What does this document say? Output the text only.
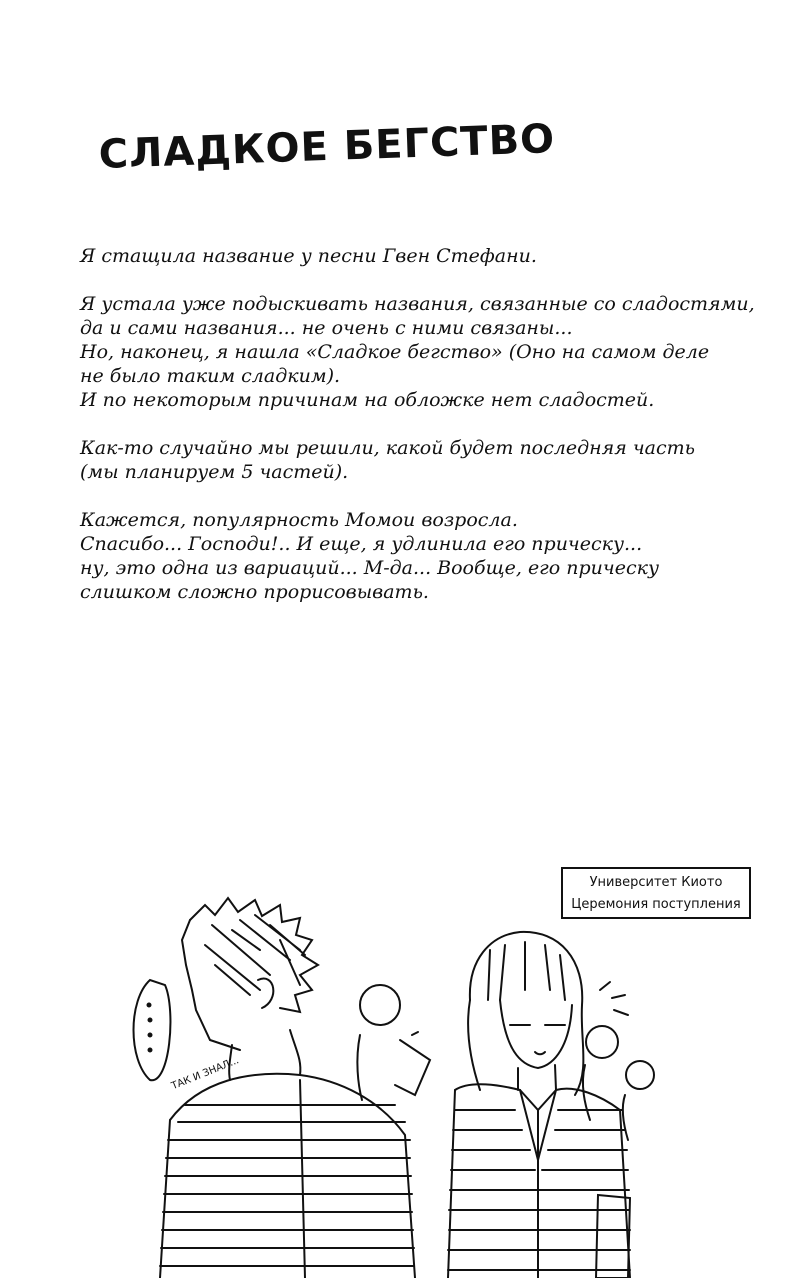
СЛАДКОЕ БЕГСТВО

Я стащила название у песни Гвен Стефани.

Я устала уже подыскивать названия, связанные со сладостями,
да и сами названия... не очень с ними связаны...
Но, наконец, я нашла «Сладкое бегство» (Оно на самом деле
не было таким сладким).
И по некоторым причинам на обложке нет сладостей.

Как-то случайно мы решили, какой будет последняя часть
(мы планируем 5 частей).

Кажется, популярность Момои возросла.
Спасибо... Господи!.. И еще, я удлинила его прическу...
ну, это одна из вариаций... М-да... Вообще, его прическу
слишком сложно прорисовывать.

ТАК И ЗНАЛ...
Университет Киото
Церемония поступления
